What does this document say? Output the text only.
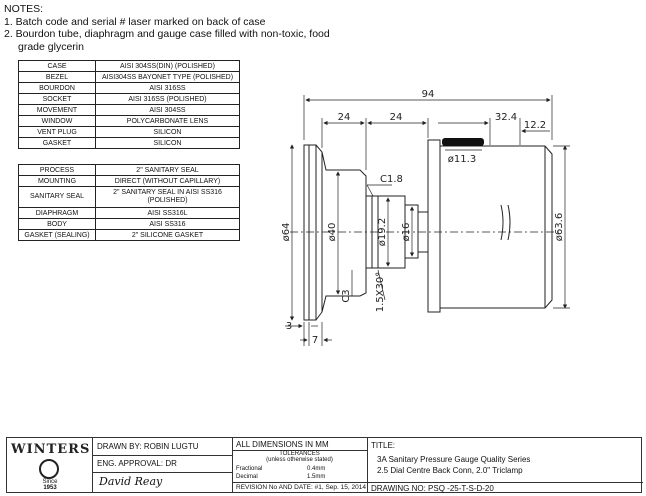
NOTES:
1. Batch code and serial # laser marked on back of case
2. Bourdon tube, diaphragm and gauge case filled with non-toxic, food
grade glycerin
CASE	AISI 304SS(DIN) (POLISHED)
BEZEL	AISI304SS BAYONET TYPE (POLISHED)
BOURDON	AISI 316SS
SOCKET	AISI 316SS (POLISHED)
MOVEMENT	AISI 304SS
WINDOW	POLYCARBONATE LENS
VENT PLUG	SILICON
GASKET	SILICON
PROCESS	2" SANITARY SEAL
MOUNTING	DIRECT (WITHOUT CAPILLARY)
SANITARY SEAL	2" SANITARY SEAL IN AISI SS316
(POLISHED)

DIAPHRAGM	AISI SS316L
BODY	AISI SS316
GASKET (SEALING)	2" SILICONE GASKET
94
24	24	32.4
12.2
ø11.3
C1.8
ø64	ø40	ø19.2 ø16	ø63.6
C3 1.5X30°
3
7
WINTERS
Since
1953
DRAWN BY: ROBIN LUGTU
ENG. APPROVAL: DR
David Reay
ALL DIMENSIONS IN MM
TOLERANCES
(unless otherwise stated)
Fractional	0.4mm
Decimal	1.5mm
REVISION No AND DATE: #1, Sep. 15, 2014
TITLE:
3A Sanitary Pressure Gauge Quality Series
2.5 Dial Centre Back Conn, 2.0" Triclamp
DRAWING NO: PSQ -25-T-S-D-20
